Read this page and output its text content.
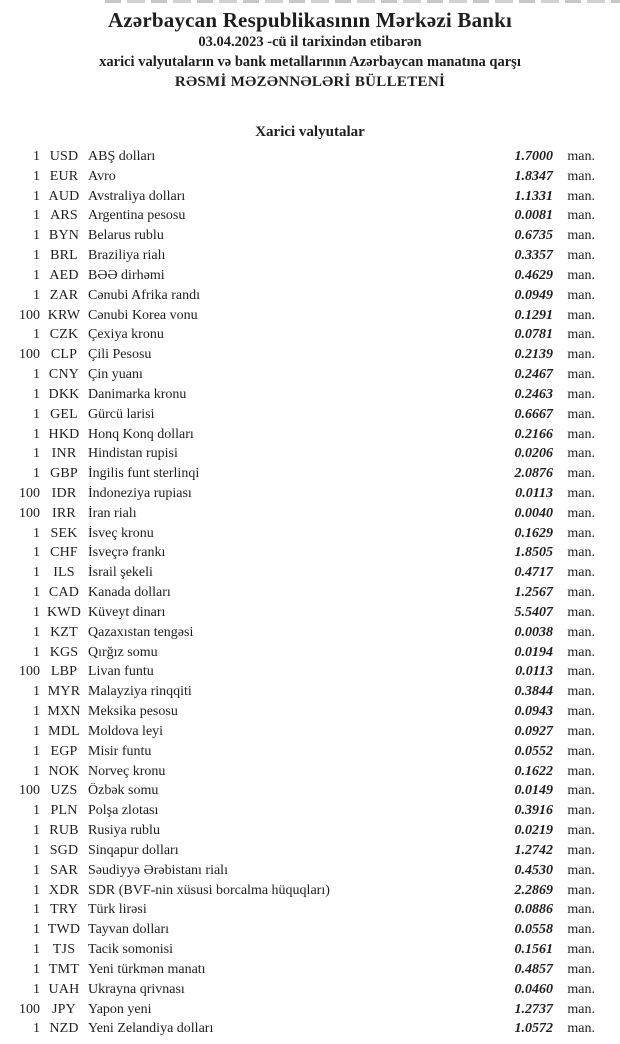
Azərbaycan Respublikasının Mərkəzi Bankı
03.04.2023 -cü il tarixindən etibarən
xarici valyutaların və bank metallarının Azərbaycan manatına qarşı
RƏSMİ MƏZƏNNƏLƏRİ BÜLLETENİ
Xarici valyutalar
1 USD ABŞ dolları	1.7000	man.
1 EUR Avro	1.8347	man.
1 AUD Avstraliya dolları	1.1331	man.
1 ARS Argentina pesosu	0.0081	man.
1 BYN Belarus rublu	0.6735	man.
1 BRL Braziliya rialı	0.3357	man.
1 AED BƏƏ dirhəmi	0.4629	man.
1 ZAR Cənubi Afrika randı	0.0949	man.
100 KRW Cənubi Korea vonu	0.1291	man.
1 CZK Çexiya kronu	0.0781	man.
100 CLP Çili Pesosu	0.2139	man.
1 CNY Çin yuanı	0.2467	man.
1 DKK Danimarka kronu	0.2463	man.
1 GEL Gürcü larisi	0.6667	man.
1 HKD Honq Konq dolları	0.2166	man.
1 INR Hindistan rupisi	0.0206	man.
1 GBP İngilis funt sterlinqi	2.0876	man.
100 IDR İndoneziya rupiası	0.0113	man.
100 IRR İran rialı	0.0040	man.
1 SEK İsveç kronu	0.1629	man.
1 CHF İsveçrə frankı	1.8505	man.
1 ILS İsrail şekeli	0.4717	man.
1 CAD Kanada dolları	1.2567	man.
1 KWD Küveyt dinarı	5.5407	man.
1 KZT Qazaxıstan tengəsi	0.0038	man.
1 KGS Qırğız somu	0.0194	man.
100 LBP Livan funtu	0.0113	man.
1 MYR Malayziya rinqqiti	0.3844	man.
1 MXN Meksika pesosu	0.0943	man.
1 MDL Moldova leyi	0.0927	man.
1 EGP Misir funtu	0.0552	man.
1 NOK Norveç kronu	0.1622	man.
100 UZS Özbək somu	0.0149	man.
1 PLN Polşa zlotası	0.3916	man.
1 RUB Rusiya rublu	0.0219	man.
1 SGD Sinqapur dolları	1.2742	man.
1 SAR Səudiyyə Ərəbistanı rialı	0.4530	man.
1 XDR SDR (BVF-nin xüsusi borcalma hüquqları)	2.2869	man.
1 TRY Türk lirəsi	0.0886	man.
1 TWD Tayvan dolları	0.0558	man.
1 TJS Tacik somonisi	0.1561	man.
1 TMT Yeni türkmən manatı	0.4857	man.
1 UAH Ukrayna qrivnası	0.0460	man.
100 JPY Yapon yeni	1.2737	man.
1 NZD Yeni Zelandiya dolları	1.0572	man.
